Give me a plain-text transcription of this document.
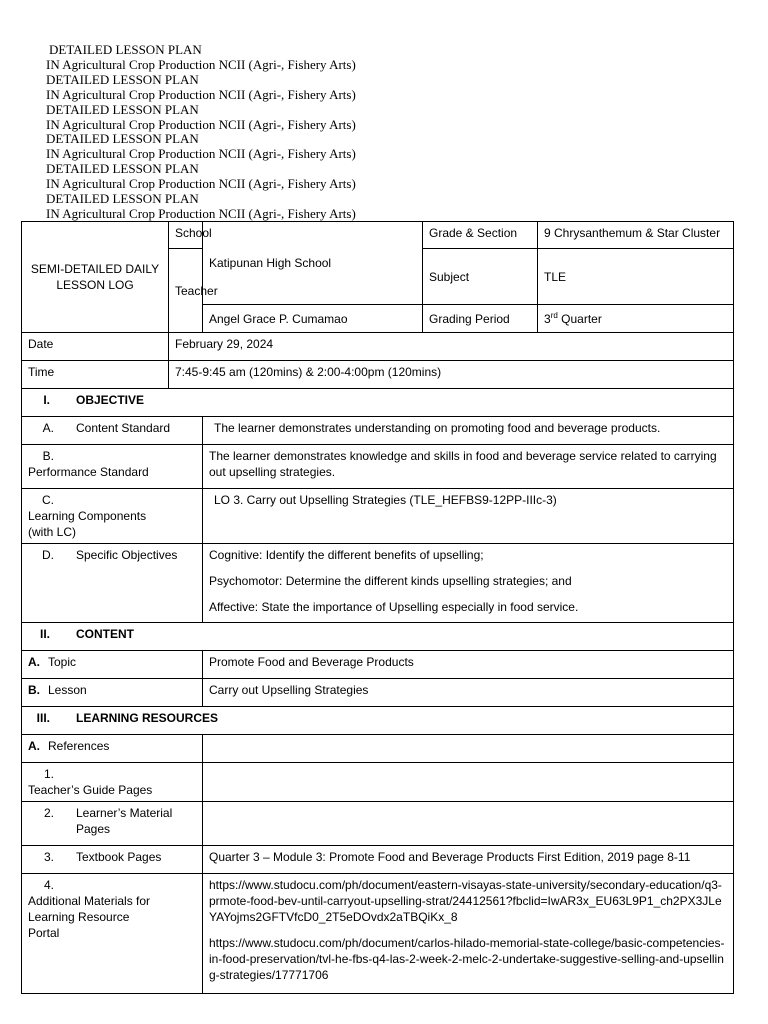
DETAILED LESSON PLAN
IN Agricultural Crop Production NCII (Agri-, Fishery Arts)
DETAILED LESSON PLAN
IN Agricultural Crop Production NCII (Agri-, Fishery Arts)
DETAILED LESSON PLAN
IN Agricultural Crop Production NCII (Agri-, Fishery Arts)
DETAILED LESSON PLAN
IN Agricultural Crop Production NCII (Agri-, Fishery Arts)
DETAILED LESSON PLAN
IN Agricultural Crop Production NCII (Agri-, Fishery Arts)
DETAILED LESSON PLAN
IN Agricultural Crop Production NCII (Agri-, Fishery Arts)
SEMI-DETAILED DAILY LESSON LOG	School	Katipunan High School	Grade & Section	9 Chrysanthemum & Star Cluster
	Teacher		Subject	TLE
		Angel Grace P. Cumamao	Grading Period	3rd Quarter
Date	February 29, 2024			
Time	7:45-9:45 am (120mins) & 2:00-4:00pm (120mins)			
I. OBJECTIVE				
A. Content Standard		The learner demonstrates understanding on promoting food and beverage products.		
B.Performance Standard		The learner demonstrates knowledge and skills in food and beverage service related to carrying out upselling strategies.		
C.Learning Components (with LC)		LO 3. Carry out Upselling Strategies (TLE_HEFBS9-12PP-IIIc-3)		
D. Specific Objectives		Cognitive: Identify the different benefits of upselling;

Psychomotor: Determine the different kinds upselling strategies; and

Affective: State the importance of Upselling especially in food service.		

II. CONTENT				
A. Topic		Promote Food and Beverage Products		
B. Lesson		Carry out Upselling Strategies		
III. LEARNING RESOURCES				
A. References				
1.Teacher’s Guide Pages				
2. Learner’s Material Pages				
3. Textbook Pages		Quarter 3 – Module 3: Promote Food and Beverage Products First Edition, 2019 page 8-11		
4.Additional Materials for Learning Resource Portal		https://www.studocu.com/ph/document/eastern-visayas-state-university/secondary-education/q3-prmote-food-bev-until-carryout-upselling-strat/24412561?fbclid=IwAR3x_EU63L9P1_ch2PX3JLeYAYojms2GFTVfcD0_2T5eDOvdx2aTBQiKx_8

https://www.studocu.com/ph/document/carlos-hilado-memorial-state-college/basic-competencies-in-food-preservation/tvl-he-fbs-q4-las-2-week-2-melc-2-undertake-suggestive-selling-and-upselling-strategies/17771706		
